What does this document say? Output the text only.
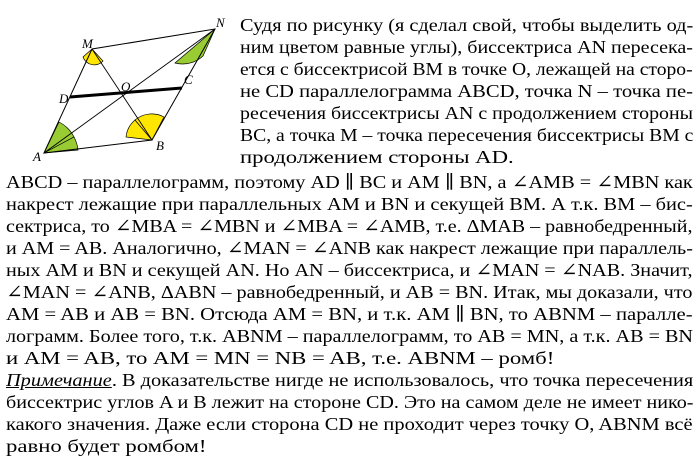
A
B
C
D
M
N
O
Судя по рисунку (я сделал свой, чтобы выделить од-
ним цветом равные углы), биссектриса AN пересека-
ется с биссектрисой BM в точке O, лежащей на сторо-
не CD параллелограмма ABCD, точка N – точка пе-
ресечения биссектрисы AN с продолжением стороны
BC, а точка M – точка пересечения биссектрисы BM с
продолжением стороны AD.
ABCD – параллелограмм, поэтому AD ∥ BC и AM ∥ BN, а ∠AMB = ∠MBN как
накрест лежащие при параллельных AM и BN и секущей BM. А т.к. BM – бис-
сектриса, то ∠MBA = ∠MBN и ∠MBA = ∠AMB, т.е. ΔMAB – равнобедренный,
и AM = AB. Аналогично, ∠MAN = ∠ANB как накрест лежащие при параллель-
ных AM и BN и секущей AN. Но AN – биссектриса, и ∠MAN = ∠NAB. Значит,
∠MAN = ∠ANB, ΔABN – равнобедренный, и AB = BN. Итак, мы доказали, что
AM = AB и AB = BN. Отсюда AM = BN, и т.к. AM ∥ BN, то ABNM – паралле-
лограмм. Более того, т.к. ABNM – параллелограмм, то AB = MN, а т.к. AB = BN
и AM = AB, то AM = MN = NB = AB, т.е. ABNM – ромб!
Примечание. В доказательстве нигде не использовалось, что точка пересечения
биссектрис углов A и B лежит на стороне CD. Это на самом деле не имеет нико-
какого значения. Даже если сторона CD не проходит через точку O, ABNM всё
равно будет ромбом!
